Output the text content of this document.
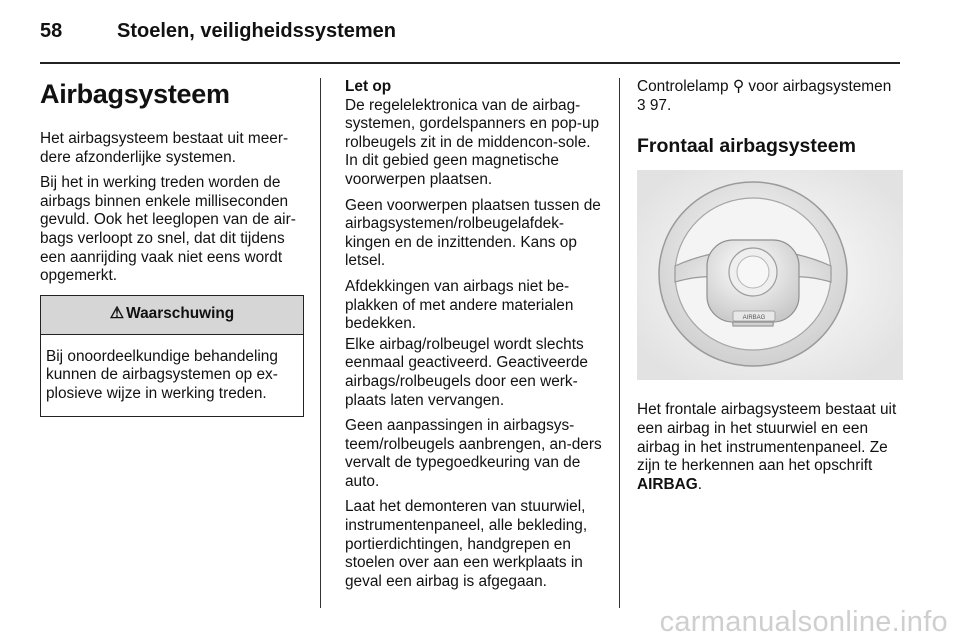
58	Stoelen, veiligheidssystemen
Airbagsysteem

Het airbagsysteem bestaat uit meer-dere afzonderlijke systemen.

Bij het in werking treden worden de airbags binnen enkele milliseconden gevuld. Ook het leeglopen van de air-bags verloopt zo snel, dat dit tijdens een aanrijding vaak niet eens wordt opgemerkt.

⚠ Waarschuwing
Bij onoordeelkundige behandeling kunnen de airbagsystemen op ex-plosieve wijze in werking treden.
Let op

De regelelektronica van de airbag-systemen, gordelspanners en pop-up rolbeugels zit in de middencon-sole. In dit gebied geen magnetische voorwerpen plaatsen.

Geen voorwerpen plaatsen tussen de airbagsystemen/rolbeugelafdek-kingen en de inzittenden. Kans op letsel.

Afdekkingen van airbags niet be-plakken of met andere materialen bedekken.

Elke airbag/rolbeugel wordt slechts eenmaal geactiveerd. Geactiveerde airbags/rolbeugels door een werk-plaats laten vervangen.

Geen aanpassingen in airbagsys-teem/rolbeugels aanbrengen, an-ders vervalt de typegoedkeuring van de auto.

Laat het demonteren van stuurwiel, instrumentenpaneel, alle bekleding, portierdichtingen, handgrepen en stoelen over aan een werkplaats in geval een airbag is afgegaan.

Controlelamp ⚲ voor airbagsystemen
3 97.
Frontaal airbagsysteem
AIRBAG
Het frontale airbagsysteem bestaat uit een airbag in het stuurwiel en een airbag in het instrumentenpaneel. Ze zijn te herkennen aan het opschrift AIRBAG.
carmanualsonline.info
